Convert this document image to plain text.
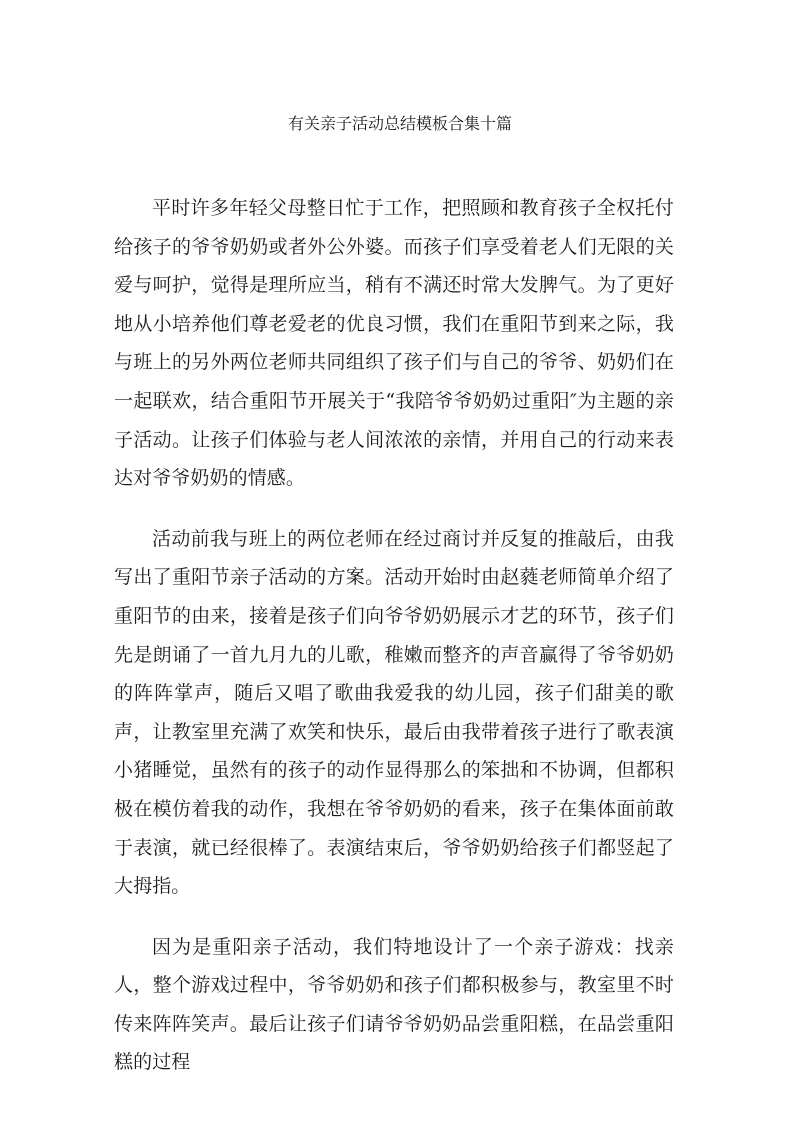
有关亲子活动总结模板合集十篇

平时许多年轻父母整日忙于工作，把照顾和教育孩子全权托付给孩子的爷爷奶奶或者外公外婆。而孩子们享受着老人们无限的关爱与呵护，觉得是理所应当，稍有不满还时常大发脾气。为了更好地从小培养他们尊老爱老的优良习惯，我们在重阳节到来之际，我与班上的另外两位老师共同组织了孩子们与自己的爷爷、奶奶们在一起联欢，结合重阳节开展关于“我陪爷爷奶奶过重阳″为主题的亲子活动。让孩子们体验与老人间浓浓的亲情，并用自己的行动来表达对爷爷奶奶的情感。

活动前我与班上的两位老师在经过商讨并反复的推敲后，由我写出了重阳节亲子活动的方案。活动开始时由赵蕤老师简单介绍了重阳节的由来，接着是孩子们向爷爷奶奶展示才艺的环节，孩子们先是朗诵了一首九月九的儿歌，稚嫩而整齐的声音赢得了爷爷奶奶的阵阵掌声，随后又唱了歌曲我爱我的幼儿园，孩子们甜美的歌声，让教室里充满了欢笑和快乐，最后由我带着孩子进行了歌表演小猪睡觉，虽然有的孩子的动作显得那么的笨拙和不协调，但都积极在模仿着我的动作，我想在爷爷奶奶的看来，孩子在集体面前敢于表演，就已经很棒了。表演结束后，爷爷奶奶给孩子们都竖起了大拇指。

因为是重阳亲子活动，我们特地设计了一个亲子游戏：找亲人，整个游戏过程中，爷爷奶奶和孩子们都积极参与，教室里不时传来阵阵笑声。最后让孩子们请爷爷奶奶品尝重阳糕，在品尝重阳糕的过程
